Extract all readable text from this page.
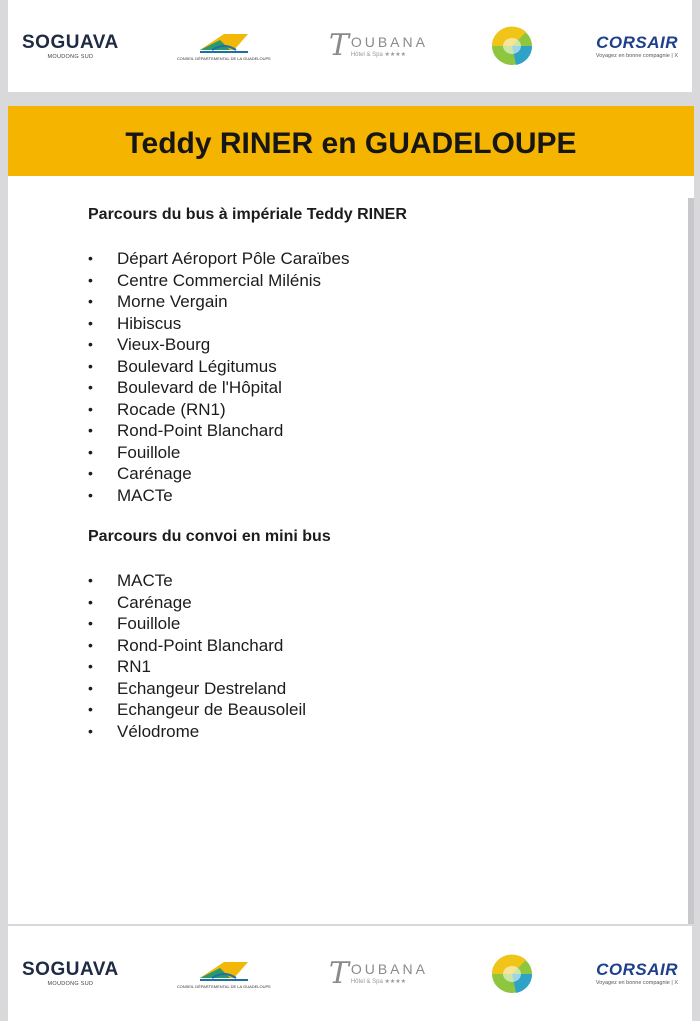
SOGUAVA
MOUDONG SUD	CONSEIL DÉPARTEMENTAL DE LA GUADELOUPE T OUBANA
Hôtel & Spa ★★★★
CORSAIR
Voyagez en bonne compagnie | X
Teddy RINER en GUADELOUPE
Parcours du bus à impériale Teddy RINER
•	Départ Aéroport Pôle Caraïbes
•	Centre Commercial Milénis
•	Morne Vergain
•	Hibiscus
•	Vieux-Bourg
•	Boulevard Légitumus
•	Boulevard de l'Hôpital
•	Rocade (RN1)
•	Rond-Point Blanchard
•	Fouillole
•	Carénage
•	MACTe
Parcours du convoi en mini bus
•	MACTe
•	Carénage
•	Fouillole
•	Rond-Point Blanchard
•	RN1
•	Echangeur Destreland
•	Echangeur de Beausoleil
•	Vélodrome
SOGUAVA
MOUDONG SUD	CONSEIL DÉPARTEMENTAL DE LA GUADELOUPE T OUBANA
Hôtel & Spa ★★★★
CORSAIR
Voyagez en bonne compagnie | X
